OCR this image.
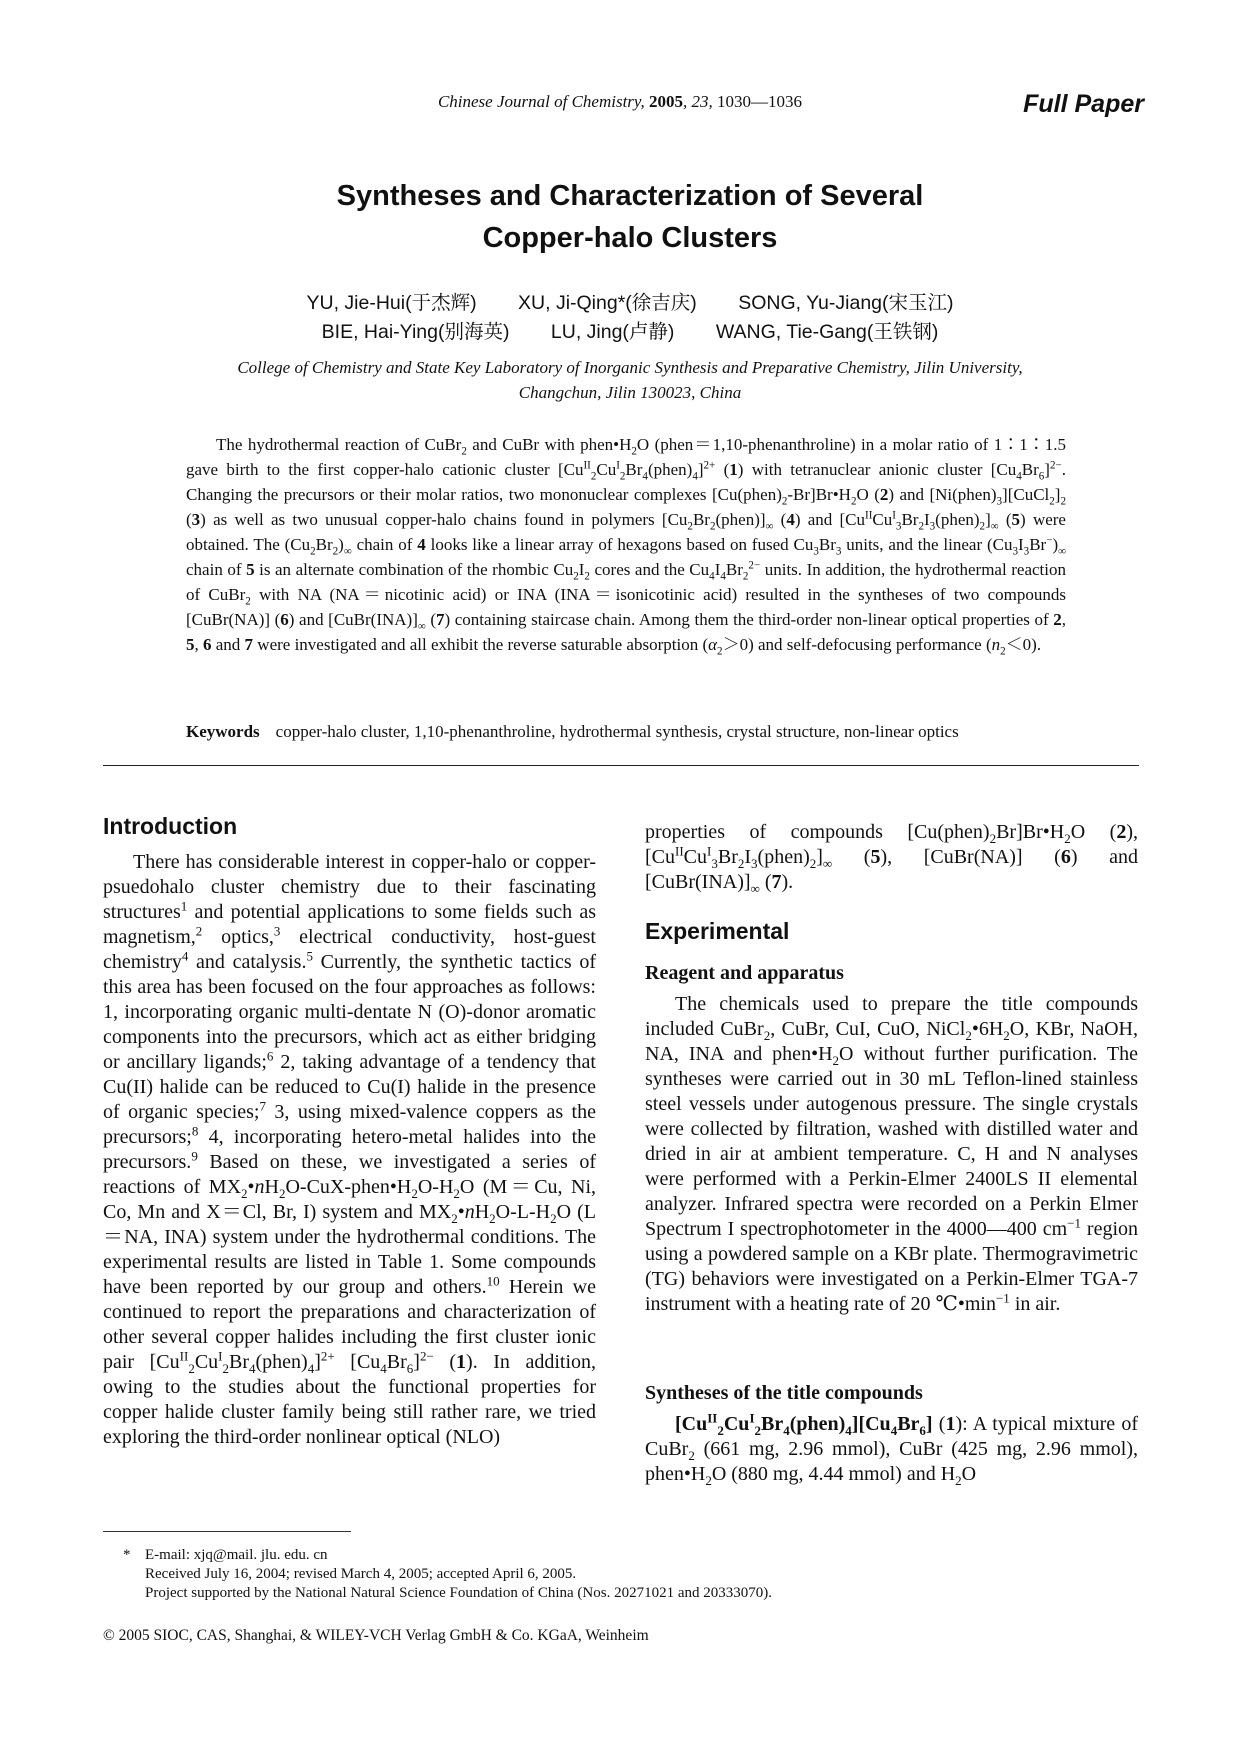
Chinese Journal of Chemistry, 2005, 23, 1030—1036	Full Paper
Syntheses and Characterization of Several
Copper-halo Clusters
YU, Jie-Hui(于杰辉) XU, Ji-Qing*(徐吉庆) SONG, Yu-Jiang(宋玉江)
BIE, Hai-Ying(别海英) LU, Jing(卢静) WANG, Tie-Gang(王铁钢)
College of Chemistry and State Key Laboratory of Inorganic Synthesis and Preparative Chemistry, Jilin University,
Changchun, Jilin 130023, China
The hydrothermal reaction of CuBr$_2$ and CuBr with $phen•H_2O$ (phen＝1,10-phenanthroline) in a molar ratio of 1∶1∶1.5 gave birth to the first copper-halo cationic cluster $[Cu^{II}_2Cu^I_2Br_4(phen)_4]^{2+}$ (1) with tetranuclear anionic cluster $[Cu_4Br_6]^{2-}$. Changing the precursors or their molar ratios, two mononuclear complexes $[Cu(phen)_2-Br]Br•H_2O$ (2) and $[Ni(phen)_3][CuCl_2]_2$ (3) as well as two unusual copper-halo chains found in polymers $[Cu_2Br_2(phen)]_\infty$ (4) and $[Cu^{II}Cu^I_3Br_2I_3(phen)_2]_\infty$ (5) were obtained. The $(Cu_2Br_2)_\infty$ chain of 4 looks like a linear array of hexagons based on fused $Cu_3Br_3$ units, and the linear $(Cu_3I_3Br^-)_\infty$ chain of 5 is an alternate combination of the rhombic $Cu_2I_2$ cores and the $Cu_4I_4Br_2^{2-}$ units. In addition, the hydrothermal reaction of CuBr$_2$ with NA (NA＝nicotinic acid) or INA (INA＝isonicotinic acid) resulted in the syntheses of two compounds [CuBr(NA)] (6) and $[CuBr(INA)]_\infty$ (7) containing staircase chain. Among them the third-order non-linear optical properties of 2, 5, 6 and 7 were investigated and all exhibit the reverse saturable absorption $(\alpha_2>0)$ and self-defocusing performance $(n_2<0)$.
Keywords copper-halo cluster, 1,10-phenanthroline, hydrothermal synthesis, crystal structure, non-linear optics
Introduction
There has considerable interest in copper-halo or copper-psuedohalo cluster chemistry due to their fascinating structures$^1$ and potential applications to some fields such as magnetism,$^2$ optics,$^3$ electrical conductivity, host-guest chemistry$^4$ and catalysis.$^5$ Currently, the synthetic tactics of this area has been focused on the four approaches as follows: 1, incorporating organic multi-dentate N (O)-donor aromatic components into the precursors, which act as either bridging or ancillary ligands;$^6$ 2, taking advantage of a tendency that Cu(II) halide can be reduced to Cu(I) halide in the presence of organic species;$^7$ 3, using mixed-valence coppers as the precursors;$^8$ 4, incorporating hetero-metal halides into the precursors.$^9$ Based on these, we investigated a series of reactions of $MX_2•nH_2O-CuX-phen•H_2O-H_2O$ (M＝Cu, Ni, Co, Mn and X＝Cl, Br, I) system and $MX_2•nH_2O-L-H_2O$ (L＝NA, INA) system under the hydrothermal conditions. The experimental results are listed in Table 1. Some compounds have been reported by our group and others.$^{10}$ Herein we continued to report the preparations and characterization of other several copper halides including the first cluster ionic pair $[Cu^{II}_2Cu^I_2Br_4(phen)_4]^{2+}$ $[Cu_4Br_6]^{2-}$ (1). In addition, owing to the studies about the functional properties for copper halide cluster family being still rather rare, we tried exploring the third-order nonlinear optical (NLO)
properties of compounds $[Cu(phen)_2Br]Br•H_2O$ (2), $[Cu^{II}Cu^I_3Br_2I_3(phen)_2]_\infty$ (5), [CuBr(NA)] (6) and $[CuBr(INA)]_\infty$ (7).
Experimental
Reagent and apparatus
The chemicals used to prepare the title compounds included CuBr$_2$, CuBr, CuI, CuO, $NiCl_2•6H_2O$, KBr, NaOH, NA, INA and $phen•H_2O$ without further purification. The syntheses were carried out in 30 mL Teflon-lined stainless steel vessels under autogenous pressure. The single crystals were collected by filtration, washed with distilled water and dried in air at ambient temperature. C, H and N analyses were performed with a Perkin-Elmer 2400LS II elemental analyzer. Infrared spectra were recorded on a Perkin Elmer Spectrum I spectrophotometer in the 4000—400 $cm^{-1}$ region using a powdered sample on a KBr plate. Thermogravimetric (TG) behaviors were investigated on a Perkin-Elmer TGA-7 instrument with a heating rate of 20 $℃•\min^{-1}$ in air.
Syntheses of the title compounds
$[Cu^{II}_2Cu^I_2Br_4(phen)_4][Cu_4Br_6]$ (1): A typical mixture of CuBr$_2$ (661 mg, 2.96 mmol), CuBr (425 mg, 2.96 mmol), $phen•H_2O$ (880 mg, 4.44 mmol) and $H_2O$
* E-mail: xjq@mail. jlu. edu. cn
Received July 16, 2004; revised March 4, 2005; accepted April 6, 2005.
Project supported by the National Natural Science Foundation of China (Nos. 20271021 and 20333070).
© 2005 SIOC, CAS, Shanghai, & WILEY-VCH Verlag GmbH & Co. KGaA, Weinheim
